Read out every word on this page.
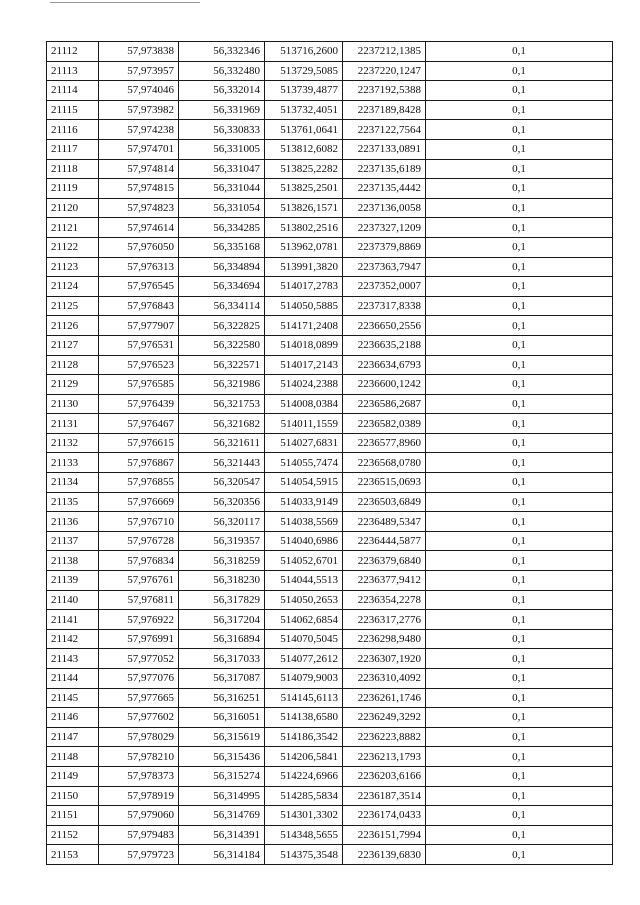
21112	57,973838	56,332346	513716,2600	2237212,1385	0,1
21113	57,973957	56,332480	513729,5085	2237220,1247	0,1
21114	57,974046	56,332014	513739,4877	2237192,5388	0,1
21115	57,973982	56,331969	513732,4051	2237189,8428	0,1
21116	57,974238	56,330833	513761,0641	2237122,7564	0,1
21117	57,974701	56,331005	513812,6082	2237133,0891	0,1
21118	57,974814	56,331047	513825,2282	2237135,6189	0,1
21119	57,974815	56,331044	513825,2501	2237135,4442	0,1
21120	57,974823	56,331054	513826,1571	2237136,0058	0,1
21121	57,974614	56,334285	513802,2516	2237327,1209	0,1
21122	57,976050	56,335168	513962,0781	2237379,8869	0,1
21123	57,976313	56,334894	513991,3820	2237363,7947	0,1
21124	57,976545	56,334694	514017,2783	2237352,0007	0,1
21125	57,976843	56,334114	514050,5885	2237317,8338	0,1
21126	57,977907	56,322825	514171,2408	2236650,2556	0,1
21127	57,976531	56,322580	514018,0899	2236635,2188	0,1
21128	57,976523	56,322571	514017,2143	2236634,6793	0,1
21129	57,976585	56,321986	514024,2388	2236600,1242	0,1
21130	57,976439	56,321753	514008,0384	2236586,2687	0,1
21131	57,976467	56,321682	514011,1559	2236582,0389	0,1
21132	57,976615	56,321611	514027,6831	2236577,8960	0,1
21133	57,976867	56,321443	514055,7474	2236568,0780	0,1
21134	57,976855	56,320547	514054,5915	2236515,0693	0,1
21135	57,976669	56,320356	514033,9149	2236503,6849	0,1
21136	57,976710	56,320117	514038,5569	2236489,5347	0,1
21137	57,976728	56,319357	514040,6986	2236444,5877	0,1
21138	57,976834	56,318259	514052,6701	2236379,6840	0,1
21139	57,976761	56,318230	514044,5513	2236377,9412	0,1
21140	57,976811	56,317829	514050,2653	2236354,2278	0,1
21141	57,976922	56,317204	514062,6854	2236317,2776	0,1
21142	57,976991	56,316894	514070,5045	2236298,9480	0,1
21143	57,977052	56,317033	514077,2612	2236307,1920	0,1
21144	57,977076	56,317087	514079,9003	2236310,4092	0,1
21145	57,977665	56,316251	514145,6113	2236261,1746	0,1
21146	57,977602	56,316051	514138,6580	2236249,3292	0,1
21147	57,978029	56,315619	514186,3542	2236223,8882	0,1
21148	57,978210	56,315436	514206,5841	2236213,1793	0,1
21149	57,978373	56,315274	514224,6966	2236203,6166	0,1
21150	57,978919	56,314995	514285,5834	2236187,3514	0,1
21151	57,979060	56,314769	514301,3302	2236174,0433	0,1
21152	57,979483	56,314391	514348,5655	2236151,7994	0,1
21153	57,979723	56,314184	514375,3548	2236139,6830	0,1
